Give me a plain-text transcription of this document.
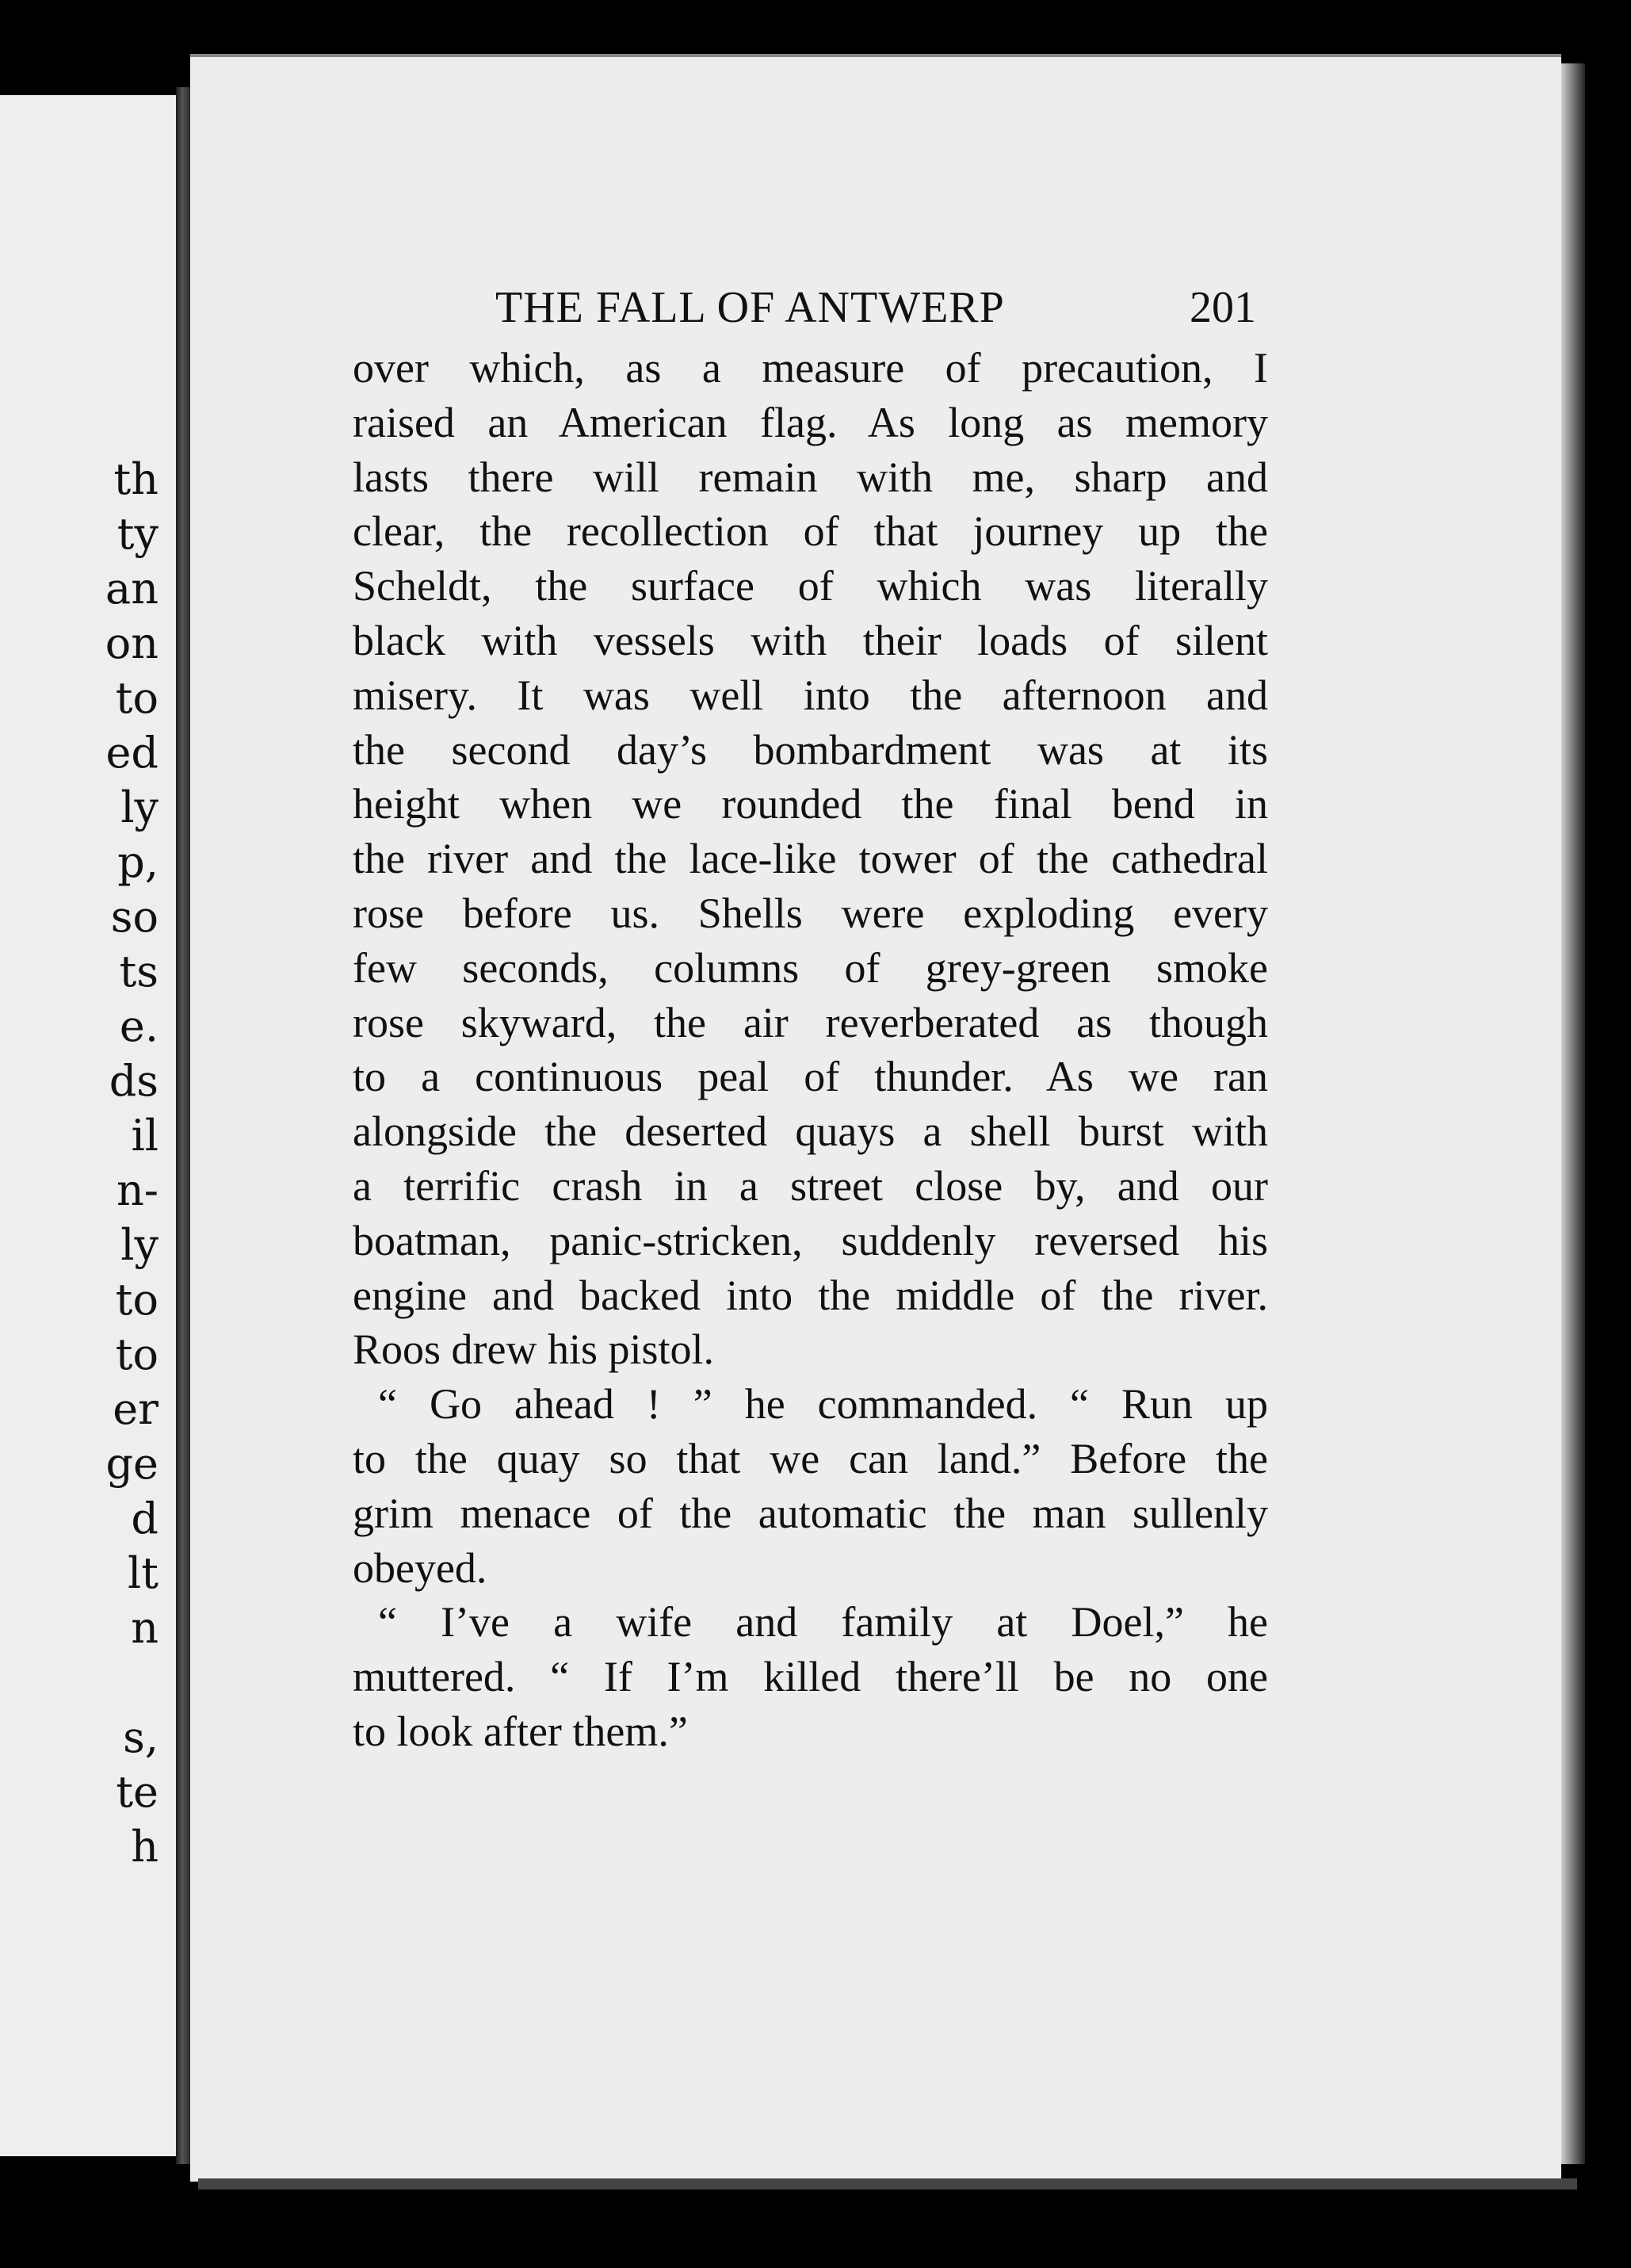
th
ty
an
on
to
ed
ly
p,
so
ts
e.
ds
il
n-
ly
to
to
er
ge
d
lt
n
s,
te
h
THE FALL OF ANTWERP	201
over which, as a measure of precaution, I
raised an American flag. As long as memory
lasts there will remain with me, sharp and
clear, the recollection of that journey up the
Scheldt, the surface of which was literally
black with vessels with their loads of silent
misery. It was well into the afternoon and
the second day’s bombardment was at its
height when we rounded the final bend in
the river and the lace-like tower of the cathedral
rose before us. Shells were exploding every
few seconds, columns of grey-green smoke
rose skyward, the air reverberated as though
to a continuous peal of thunder. As we ran
alongside the deserted quays a shell burst with
a terrific crash in a street close by, and our
boatman, panic-stricken, suddenly reversed his
engine and backed into the middle of the river.
Roos drew his pistol.
“ Go ahead ! ” he commanded. “ Run up
to the quay so that we can land.” Before the
grim menace of the automatic the man sullenly
obeyed.
“ I’ve a wife and family at Doel,” he
muttered. “ If I’m killed there’ll be no one
to look after them.”
